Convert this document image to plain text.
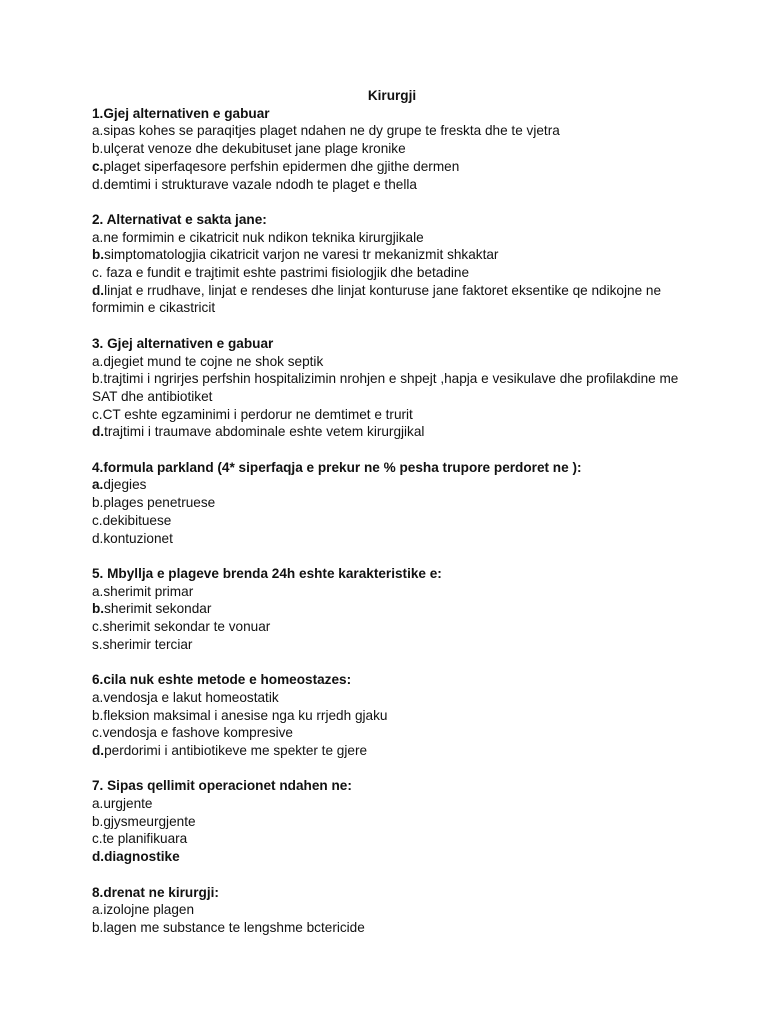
Kirurgji
1.Gjej alternativen e gabuar
a.sipas kohes se paraqitjes plaget ndahen ne dy grupe te freskta dhe te vjetra
b.ulçerat venoze dhe dekubituset jane plage kronike
c.plaget siperfaqesore perfshin epidermen dhe gjithe dermen
d.demtimi i strukturave vazale ndodh te plaget e thella
2. Alternativat e sakta jane:
a.ne formimin e cikatricit nuk ndikon teknika kirurgjikale
b.simptomatologjia cikatricit varjon ne varesi tr mekanizmit shkaktar
c. faza e fundit e trajtimit eshte pastrimi fisiologjik dhe betadine
d.linjat e rrudhave, linjat e rendeses dhe linjat konturuse jane faktoret eksentike qe ndikojne ne formimin e cikastricit
3. Gjej alternativen e gabuar
a.djegiet mund te cojne ne shok septik
b.trajtimi i ngrirjes perfshin hospitalizimin nrohjen e shpejt ,hapja e vesikulave dhe profilakdine me SAT dhe antibiotiket
c.CT eshte egzaminimi i perdorur ne demtimet e trurit
d.trajtimi i traumave abdominale eshte vetem kirurgjikal
4.formula parkland (4* siperfaqja e prekur ne % pesha trupore perdoret ne ):
a.djegies
b.plages penetruese
c.dekibituese
d.kontuzionet
5. Mbyllja e plageve brenda 24h eshte karakteristike e:
a.sherimit primar
b.sherimit sekondar
c.sherimit sekondar te vonuar
s.sherimir terciar
6.cila nuk eshte metode e homeostazes:
a.vendosja e lakut homeostatik
b.fleksion maksimal i anesise nga ku rrjedh gjaku
c.vendosja e fashove kompresive
d.perdorimi i antibiotikeve me spekter te gjere
7. Sipas qellimit operacionet ndahen ne:
a.urgjente
b.gjysmeurgjente
c.te planifikuara
d.diagnostike
8.drenat ne kirurgji:
a.izolojne plagen
b.lagen me substance te lengshme bctericide
